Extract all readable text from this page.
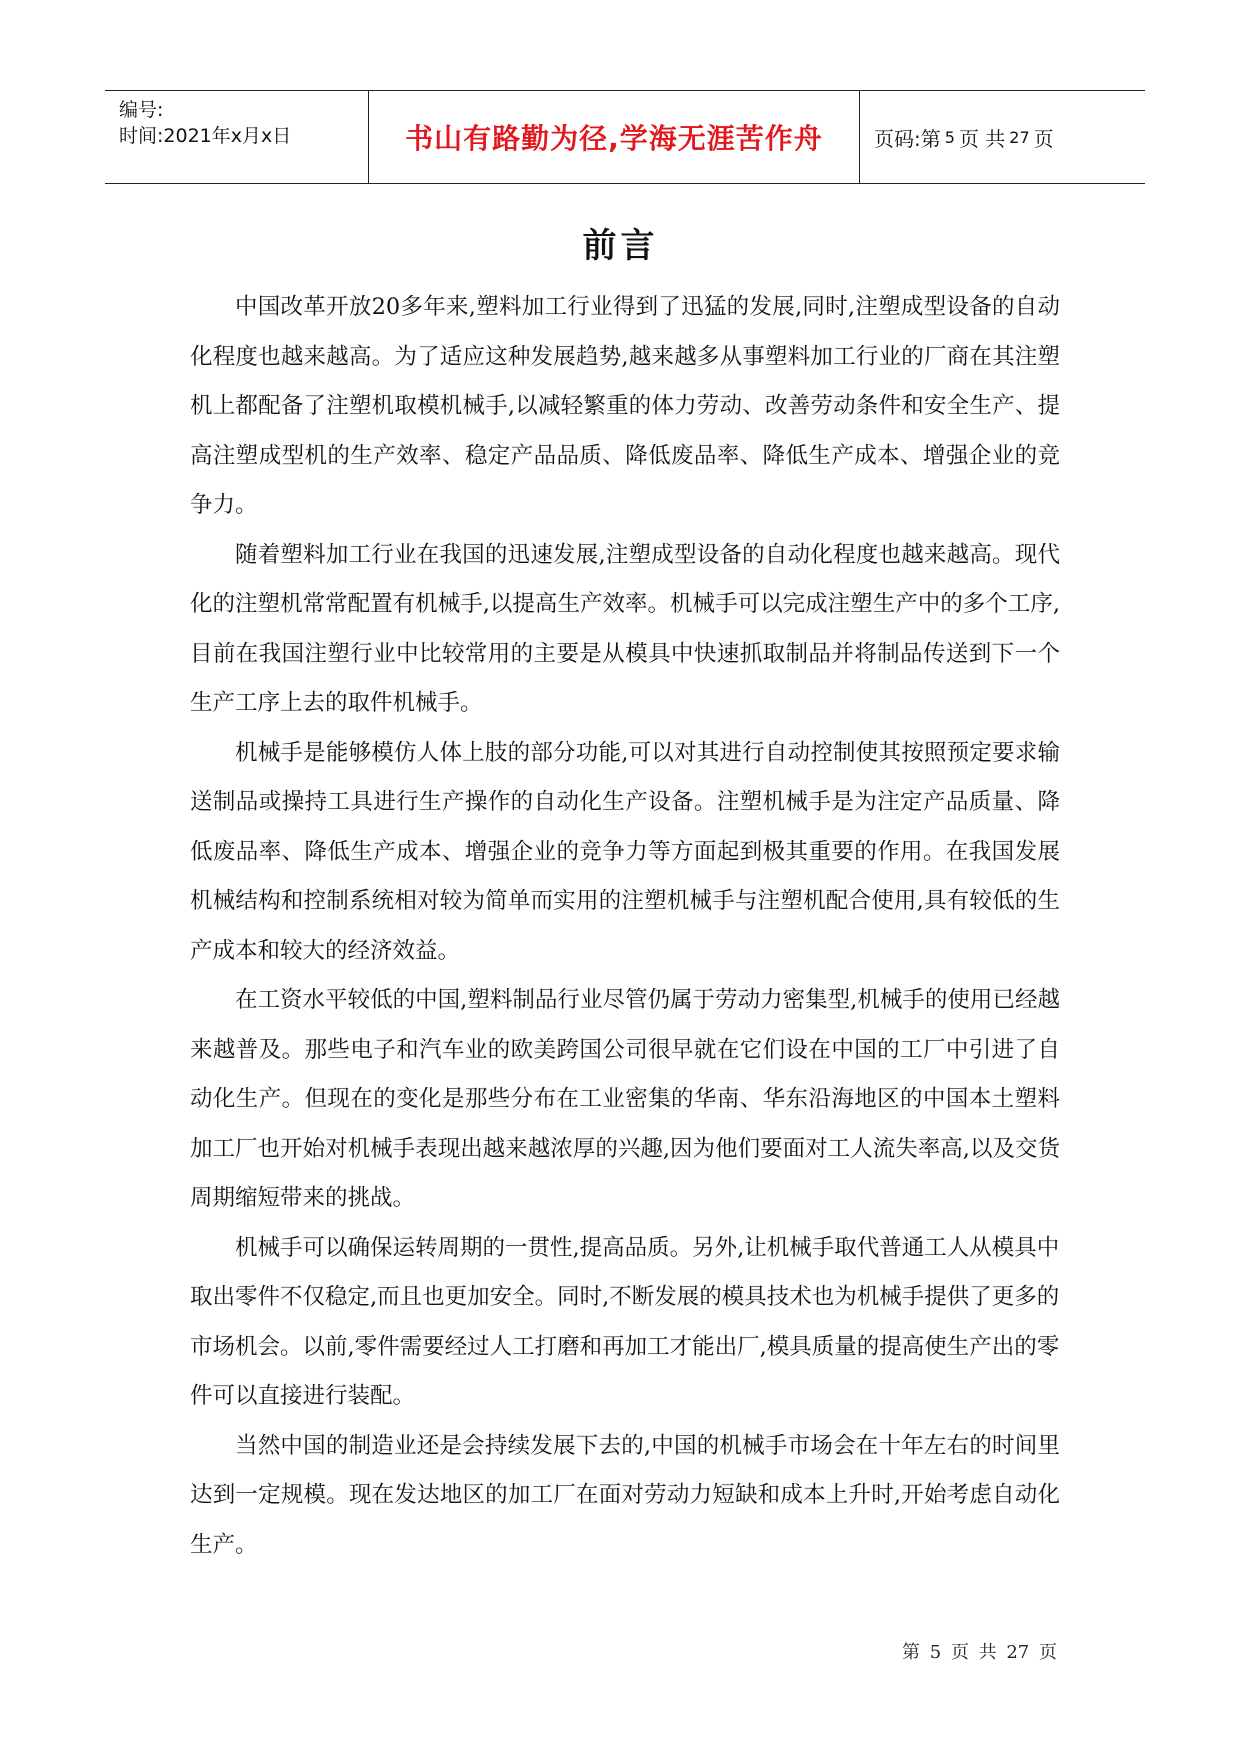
编号:
时间:2021年x月x日	书山有路勤为径,学海无涯苦作舟	页码:第 5 页 共 27 页
前言

中国改革开放20多年来,塑料加工行业得到了迅猛的发展,同时,注塑成型设备的自动化程度也越来越高。为了适应这种发展趋势,越来越多从事塑料加工行业的厂商在其注塑机上都配备了注塑机取模机械手,以减轻繁重的体力劳动、改善劳动条件和安全生产、提高注塑成型机的生产效率、稳定产品品质、降低废品率、降低生产成本、增强企业的竞争力。

随着塑料加工行业在我国的迅速发展,注塑成型设备的自动化程度也越来越高。现代化的注塑机常常配置有机械手,以提高生产效率。机械手可以完成注塑生产中的多个工序,目前在我国注塑行业中比较常用的主要是从模具中快速抓取制品并将制品传送到下一个生产工序上去的取件机械手。

机械手是能够模仿人体上肢的部分功能,可以对其进行自动控制使其按照预定要求输送制品或操持工具进行生产操作的自动化生产设备。注塑机械手是为注定产品质量、降低废品率、降低生产成本、增强企业的竞争力等方面起到极其重要的作用。在我国发展机械结构和控制系统相对较为简单而实用的注塑机械手与注塑机配合使用,具有较低的生产成本和较大的经济效益。

在工资水平较低的中国,塑料制品行业尽管仍属于劳动力密集型,机械手的使用已经越来越普及。那些电子和汽车业的欧美跨国公司很早就在它们设在中国的工厂中引进了自动化生产。但现在的变化是那些分布在工业密集的华南、华东沿海地区的中国本土塑料加工厂也开始对机械手表现出越来越浓厚的兴趣,因为他们要面对工人流失率高,以及交货周期缩短带来的挑战。

机械手可以确保运转周期的一贯性,提高品质。另外,让机械手取代普通工人从模具中取出零件不仅稳定,而且也更加安全。同时,不断发展的模具技术也为机械手提供了更多的市场机会。以前,零件需要经过人工打磨和再加工才能出厂,模具质量的提高使生产出的零

件可以直接进行装配。

当然中国的制造业还是会持续发展下去的,中国的机械手市场会在十年左右的时间里达到一定规模。现在发达地区的加工厂在面对劳动力短缺和成本上升时,开始考虑自动化生产。

第 5 页 共 27 页
